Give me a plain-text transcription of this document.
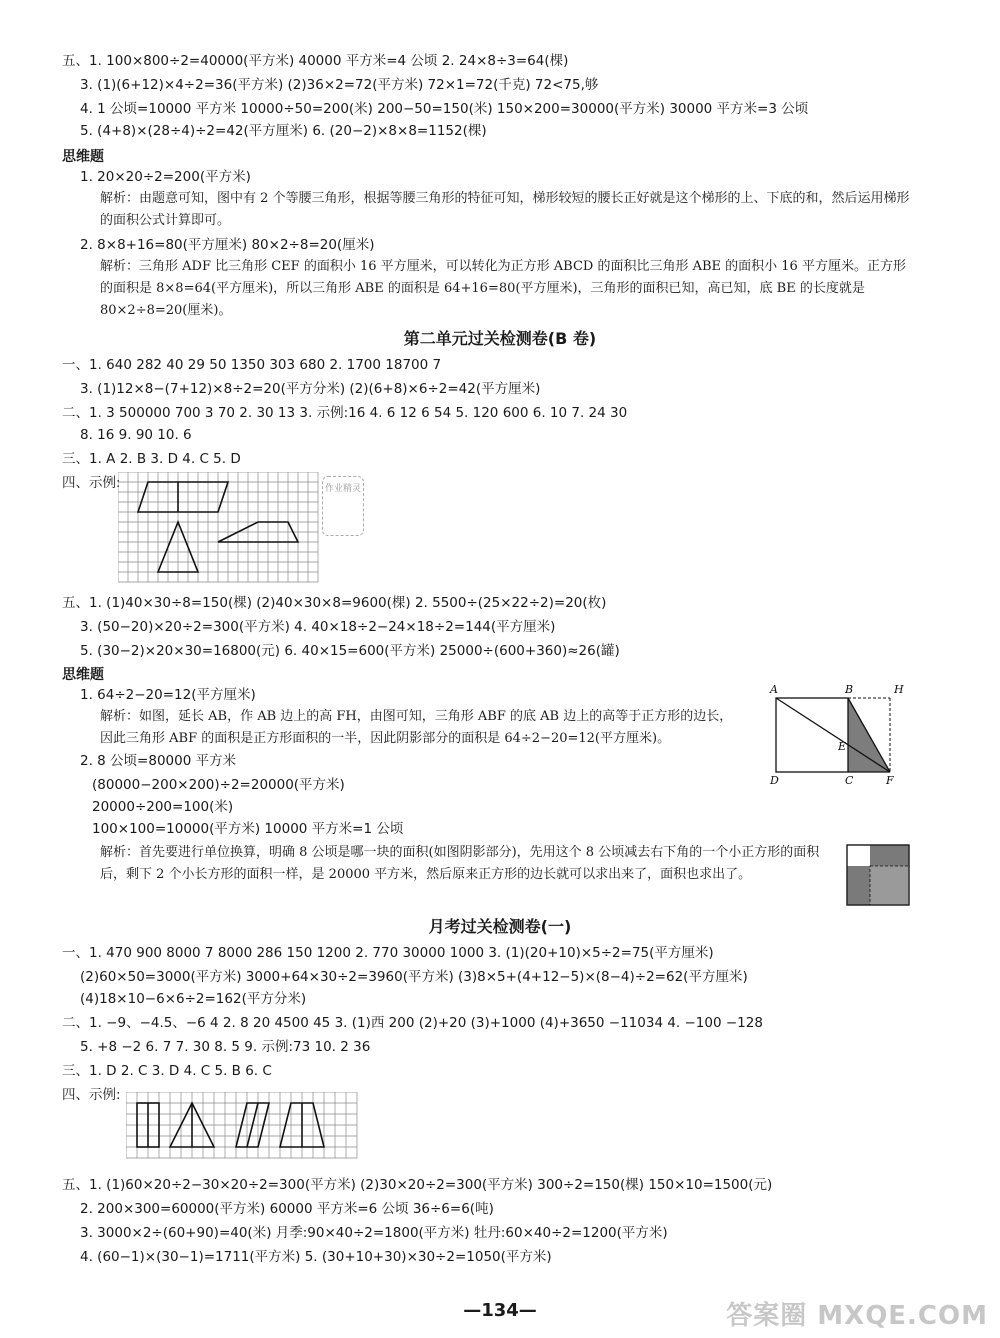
五、1. 100×800÷2=40000(平方米) 40000 平方米=4 公顷 2. 24×8÷3=64(棵)
3. (1)(6+12)×4÷2=36(平方米) (2)36×2=72(平方米) 72×1=72(千克) 72<75,够
4. 1 公顷=10000 平方米 10000÷50=200(米) 200−50=150(米) 150×200=30000(平方米) 30000 平方米=3 公顷
5. (4+8)×(28÷4)÷2=42(平方厘米) 6. (20−2)×8×8=1152(棵)
思维题
1. 20×20÷2=200(平方米)
解析：由题意可知，图中有 2 个等腰三角形，根据等腰三角形的特征可知，梯形较短的腰长正好就是这个梯形的上、下底的和，然后运用梯形的面积公式计算即可。
2. 8×8+16=80(平方厘米) 80×2÷8=20(厘米)
解析：三角形 ADF 比三角形 CEF 的面积小 16 平方厘米，可以转化为正方形 ABCD 的面积比三角形 ABE 的面积小 16 平方厘米。正方形的面积是 8×8=64(平方厘米)，所以三角形 ABE 的面积是 64+16=80(平方厘米)，三角形的面积已知，高已知，底 BE 的长度就是 80×2÷8=20(厘米)。
第二单元过关检测卷(B 卷)
一、1. 640 282 40 29 50 1350 303 680 2. 1700 18700 7
3. (1)12×8−(7+12)×8÷2=20(平方分米) (2)(6+8)×6÷2=42(平方厘米)
二、1. 3 500000 700 3 70 2. 30 13 3. 示例:16 4. 6 12 6 54 5. 120 600 6. 10 7. 24 30
8. 16 9. 90 10. 6
三、1. A 2. B 3. D 4. C 5. D
四、示例:	作业精灵
五、1. (1)40×30÷8=150(棵) (2)40×30×8=9600(棵) 2. 5500÷(25×22÷2)=20(枚)
3. (50−20)×20÷2=300(平方米) 4. 40×18÷2−24×18÷2=144(平方厘米)
5. (30−2)×20×30=16800(元) 6. 40×15=600(平方米) 25000÷(600+360)≈26(罐)
思维题
1. 64÷2−20=12(平方厘米)
解析：如图，延长 AB，作 AB 边上的高 FH，由图可知，三角形 ABF 的底 AB 边上的高等于正方形的边长，因此三角形 ABF 的面积是正方形面积的一半，因此阴影部分的面积是 64÷2−20=12(平方厘米)。
A	B	H
E
D	C	F
2. 8 公顷=80000 平方米
(80000−200×200)÷2=20000(平方米)
20000÷200=100(米)
100×100=10000(平方米) 10000 平方米=1 公顷
解析：首先要进行单位换算，明确 8 公顷是哪一块的面积(如图阴影部分)，先用这个 8 公顷减去右下角的一个小正方形的面积后，剩下 2 个小长方形的面积一样，是 20000 平方米，然后原来正方形的边长就可以求出来了，面积也求出了。
月考过关检测卷(一)
一、1. 470 900 8000 7 8000 286 150 1200 2. 770 30000 1000 3. (1)(20+10)×5÷2=75(平方厘米)
(2)60×50=3000(平方米) 3000+64×30÷2=3960(平方米) (3)8×5+(4+12−5)×(8−4)÷2=62(平方厘米)
(4)18×10−6×6÷2=162(平方分米)
二、1. −9、−4.5、−6 4 2. 8 20 4500 45 3. (1)西 200 (2)+20 (3)+1000 (4)+3650 −11034 4. −100 −128
5. +8 −2 6. 7 7. 30 8. 5 9. 示例:73 10. 2 36
三、1. D 2. C 3. D 4. C 5. B 6. C
四、示例:
五、1. (1)60×20÷2−30×20÷2=300(平方米) (2)30×20÷2=300(平方米) 300÷2=150(棵) 150×10=1500(元)
2. 200×300=60000(平方米) 60000 平方米=6 公顷 36÷6=6(吨)
3. 3000×2÷(60+90)=40(米) 月季:90×40÷2=1800(平方米) 牡丹:60×40÷2=1200(平方米)
4. (60−1)×(30−1)=1711(平方米) 5. (30+10+30)×30÷2=1050(平方米)
—134—	答案圈 MXQE.COM
